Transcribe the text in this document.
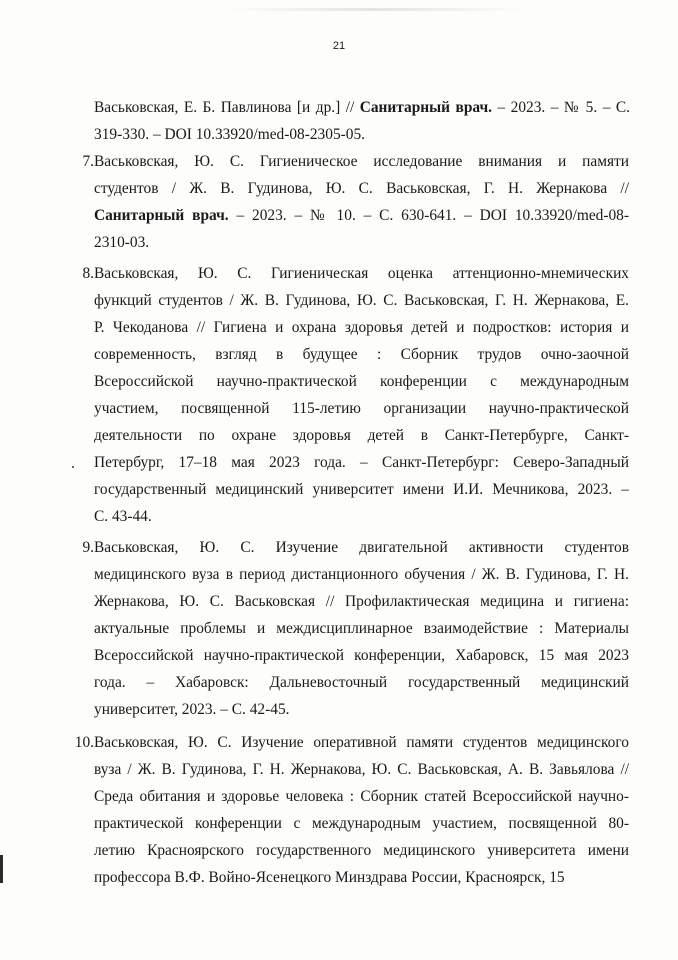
21
Васьковская, Е. Б. Павлинова [и др.] // Санитарный врач. – 2023. – № 5. – С.
319-330. – DOI 10.33920/med-08-2305-05.
7. Васьковская, Ю. С. Гигиеническое исследование внимания и памяти
студентов / Ж. В. Гудинова, Ю. С. Васьковская, Г. Н. Жернакова //
Санитарный врач. – 2023. – № 10. – С. 630-641. – DOI 10.33920/med-08-
2310-03.
8. Васьковская, Ю. С. Гигиеническая оценка аттенционно-мнемических
функций студентов / Ж. В. Гудинова, Ю. С. Васьковская, Г. Н. Жернакова, Е.
Р. Чекоданова // Гигиена и охрана здоровья детей и подростков: история и
современность, взгляд в будущее : Сборник трудов очно-заочной
Всероссийской научно-практической конференции с международным
участием, посвященной 115-летию организации научно-практической
деятельности по охране здоровья детей в Санкт-Петербурге, Санкт-
Петербург, 17–18 мая 2023 года. – Санкт-Петербург: Северо-Западный
государственный медицинский университет имени И.И. Мечникова, 2023. –
С. 43-44.
9. Васьковская, Ю. С. Изучение двигательной активности студентов
медицинского вуза в период дистанционного обучения / Ж. В. Гудинова, Г. Н.
Жернакова, Ю. С. Васьковская // Профилактическая медицина и гигиена:
актуальные проблемы и междисциплинарное взаимодействие : Материалы
Всероссийской научно-практической конференции, Хабаровск, 15 мая 2023
года. – Хабаровск: Дальневосточный государственный медицинский
университет, 2023. – С. 42-45.
10. Васьковская, Ю. С. Изучение оперативной памяти студентов медицинского
вуза / Ж. В. Гудинова, Г. Н. Жернакова, Ю. С. Васьковская, А. В. Завьялова //
Среда обитания и здоровье человека : Сборник статей Всероссийской научно-
практической конференции с международным участием, посвященной 80-
летию Красноярского государственного медицинского университета имени
профессора В.Ф. Войно-Ясенецкого Минздрава России, Красноярск, 15
